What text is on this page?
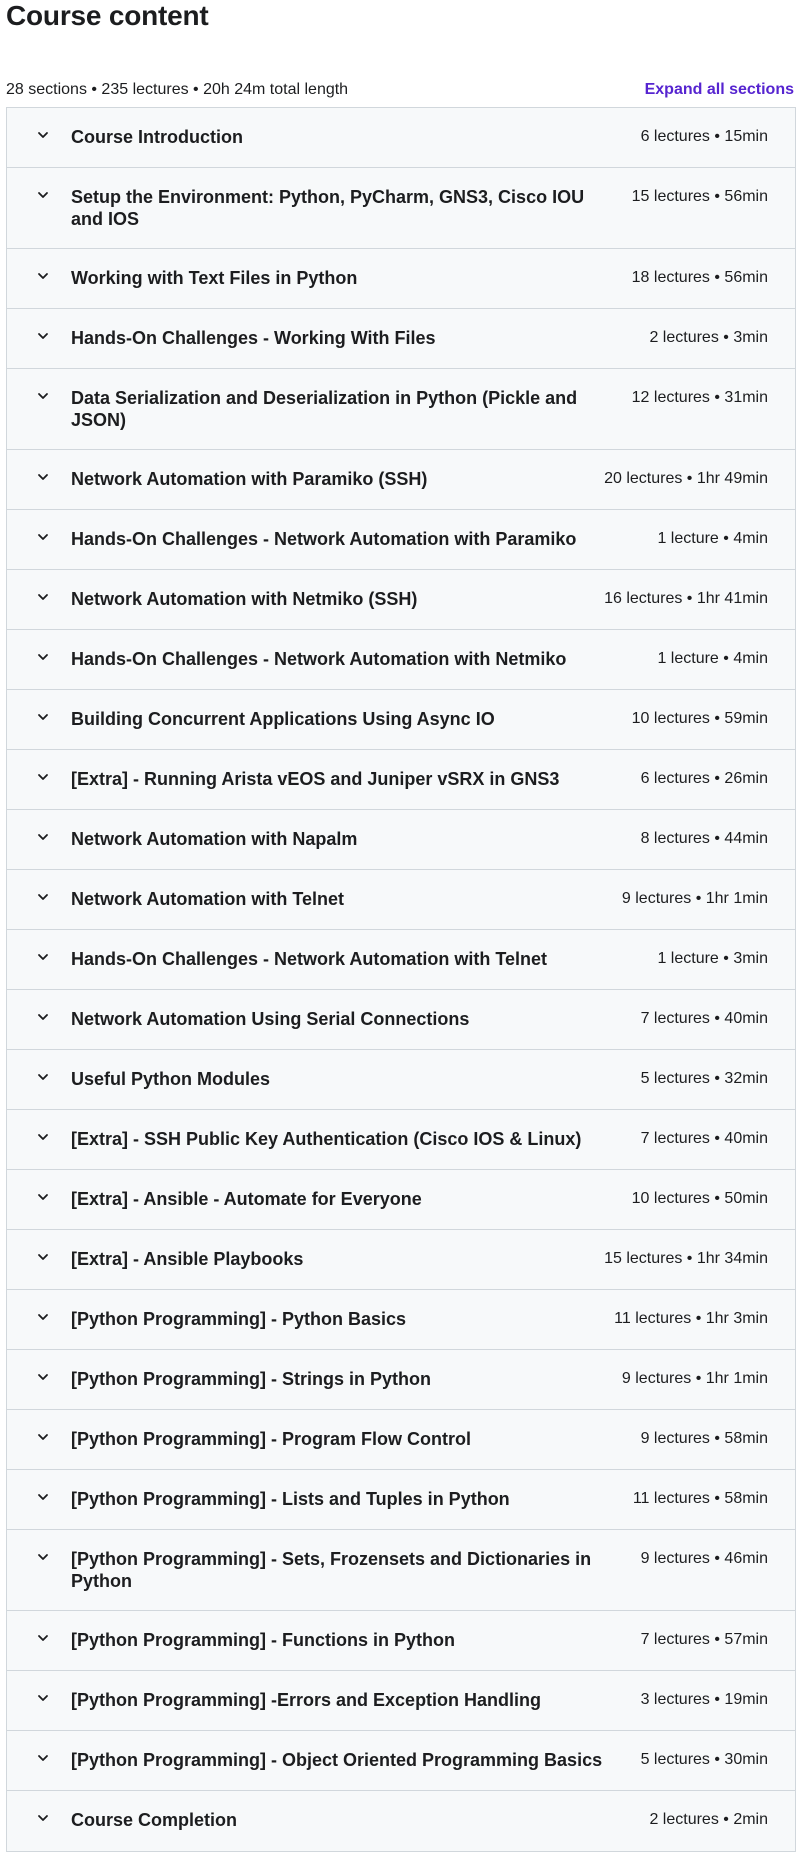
Course content
28 sections • 235 lectures • 20h 24m total length	Expand all sections
Course Introduction	6 lectures • 15min
Setup the Environment: Python, PyCharm, GNS3, Cisco IOU and IOS
15 lectures • 56min
Working with Text Files in Python	18 lectures • 56min
Hands-On Challenges - Working With Files	2 lectures • 3min
Data Serialization and Deserialization in Python (Pickle and JSON)
12 lectures • 31min
Network Automation with Paramiko (SSH)	20 lectures • 1hr 49min
Hands-On Challenges - Network Automation with Paramiko	1 lecture • 4min
Network Automation with Netmiko (SSH)	16 lectures • 1hr 41min
Hands-On Challenges - Network Automation with Netmiko	1 lecture • 4min
Building Concurrent Applications Using Async IO	10 lectures • 59min
[Extra] - Running Arista vEOS and Juniper vSRX in GNS3	6 lectures • 26min
Network Automation with Napalm	8 lectures • 44min
Network Automation with Telnet	9 lectures • 1hr 1min
Hands-On Challenges - Network Automation with Telnet	1 lecture • 3min
Network Automation Using Serial Connections	7 lectures • 40min
Useful Python Modules	5 lectures • 32min
[Extra] - SSH Public Key Authentication (Cisco IOS & Linux)	7 lectures • 40min
[Extra] - Ansible - Automate for Everyone	10 lectures • 50min
[Extra] - Ansible Playbooks	15 lectures • 1hr 34min
[Python Programming] - Python Basics	11 lectures • 1hr 3min
[Python Programming] - Strings in Python	9 lectures • 1hr 1min
[Python Programming] - Program Flow Control	9 lectures • 58min
[Python Programming] - Lists and Tuples in Python	11 lectures • 58min
[Python Programming] - Sets, Frozensets and Dictionaries in Python
9 lectures • 46min
[Python Programming] - Functions in Python	7 lectures • 57min
[Python Programming] -Errors and Exception Handling	3 lectures • 19min
[Python Programming] - Object Oriented Programming Basics	5 lectures • 30min
Course Completion	2 lectures • 2min
